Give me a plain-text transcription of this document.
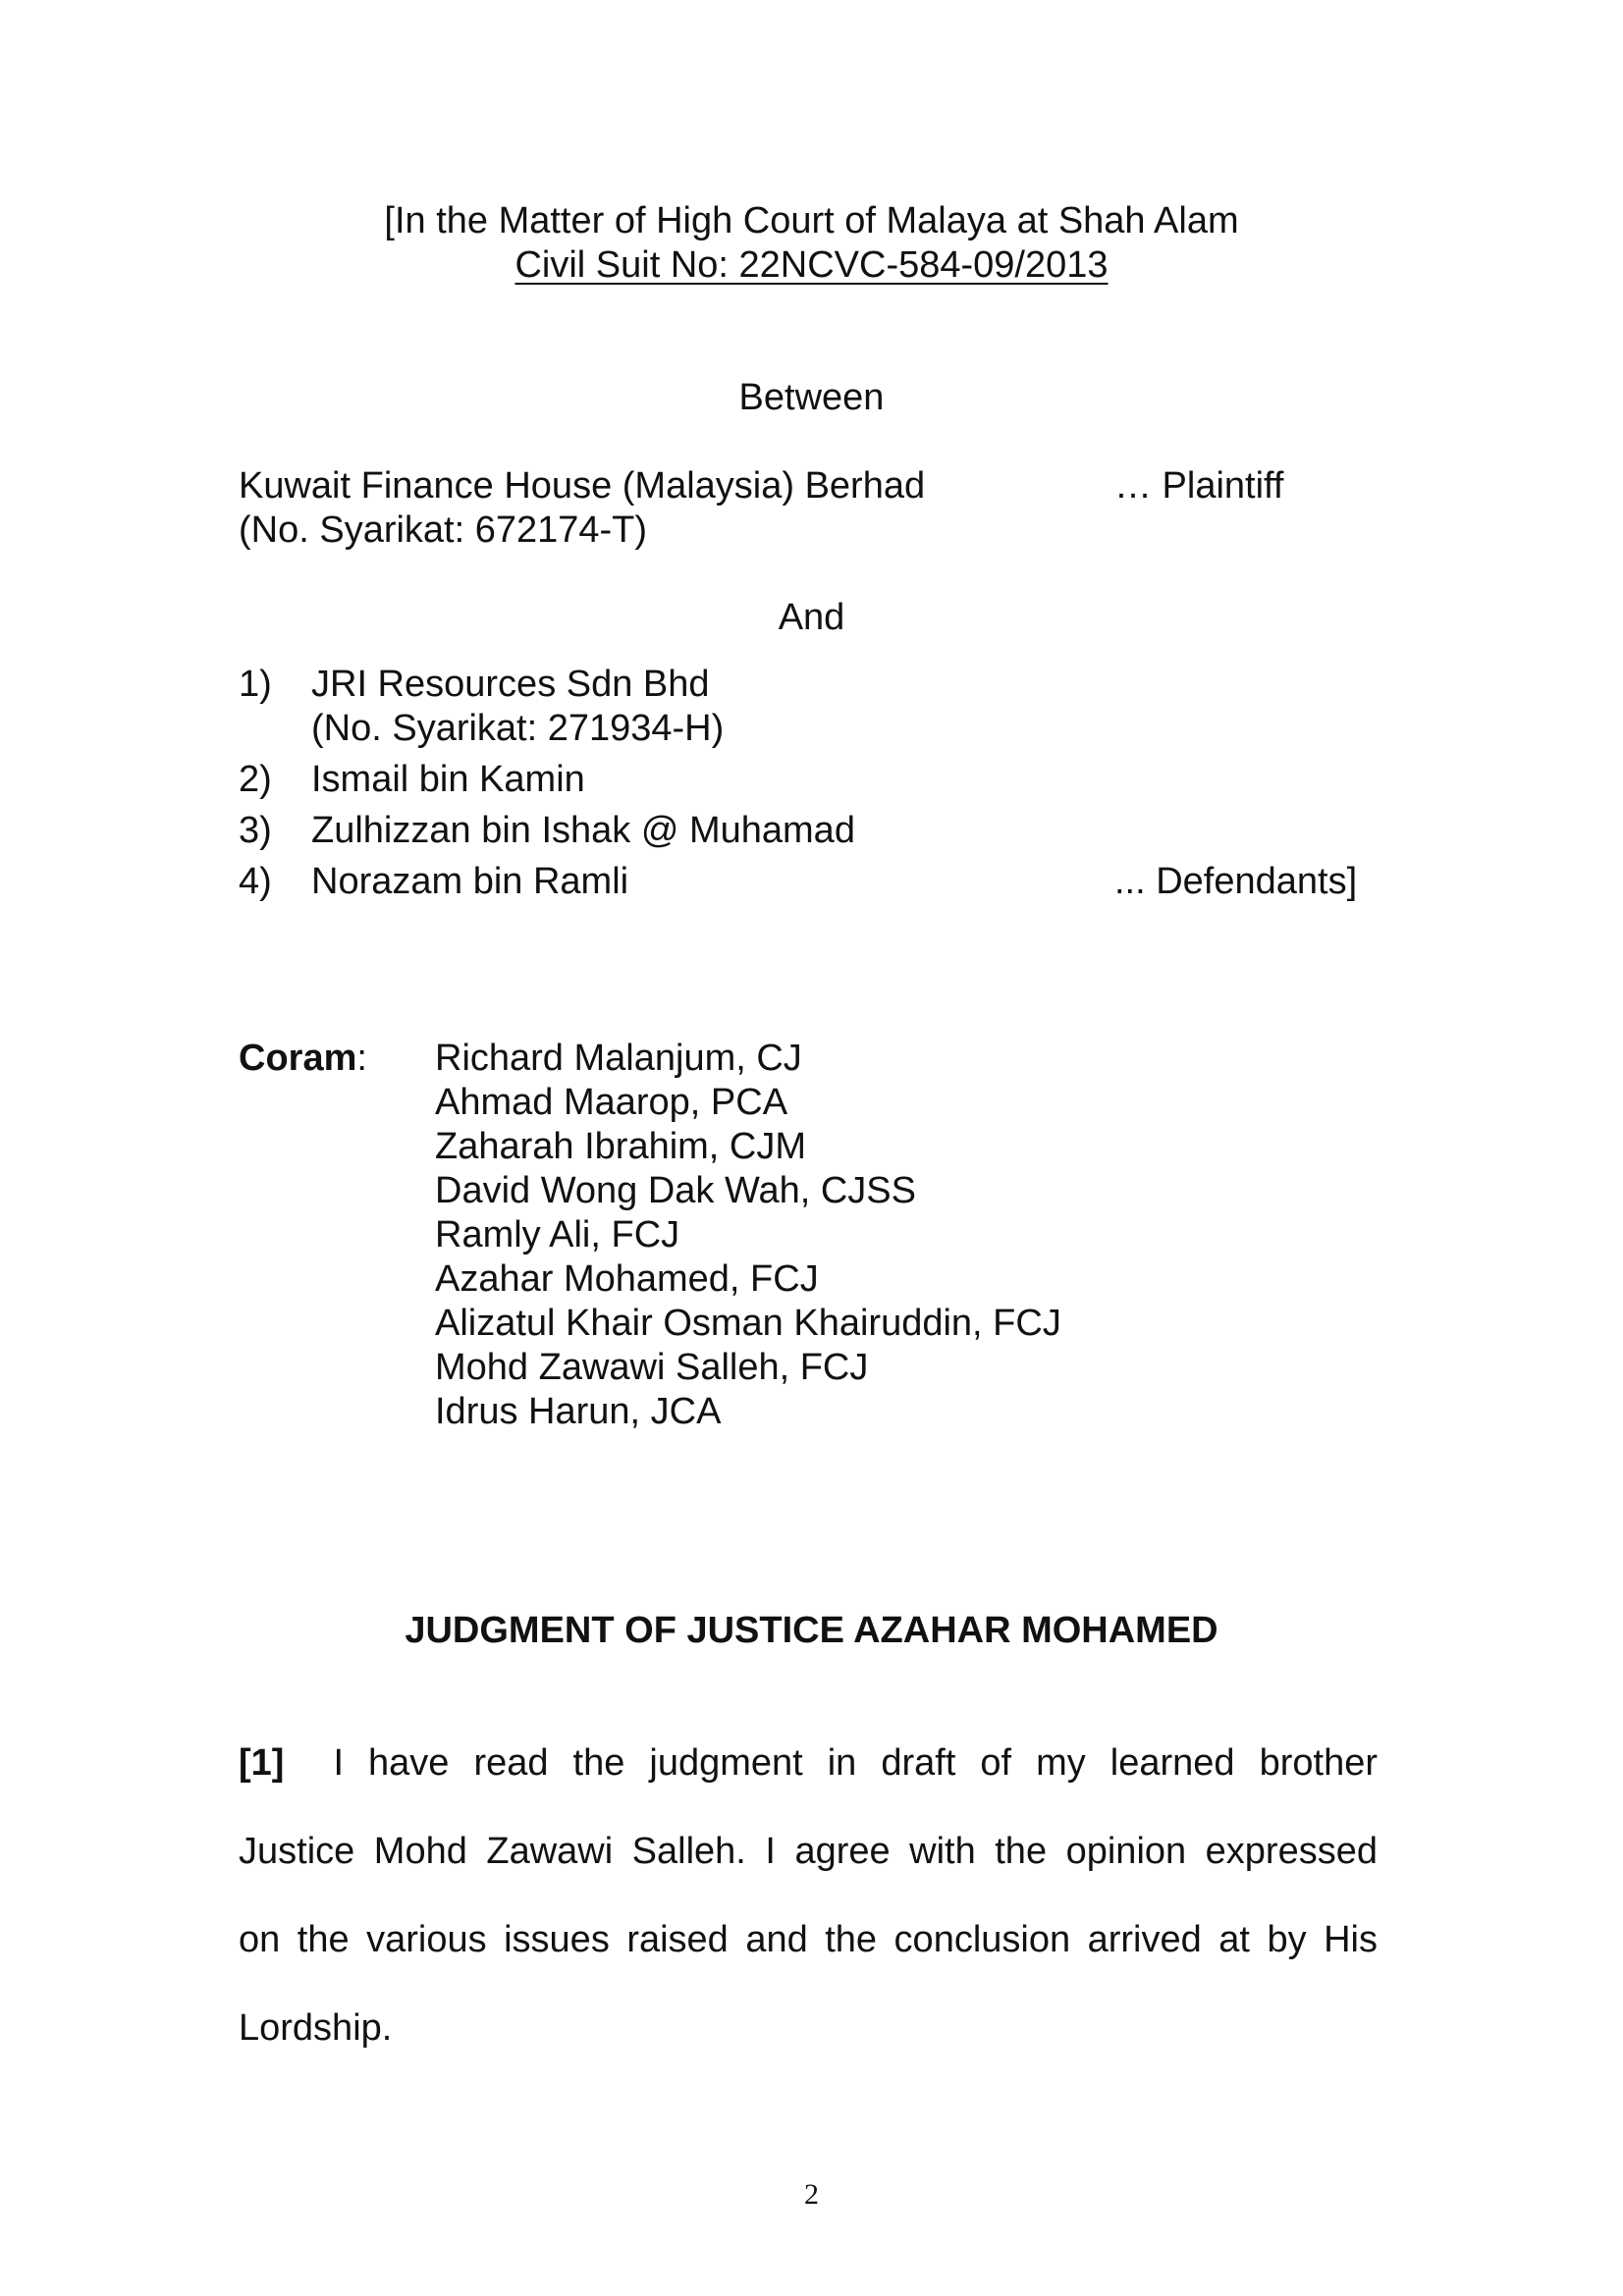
[In the Matter of High Court of Malaya at Shah Alam
Civil Suit No: 22NCVC-584-09/2013
Between
Kuwait Finance House (Malaysia) Berhad	… Plaintiff
(No. Syarikat: 672174-T)
And
1) JRI Resources Sdn Bhd
(No. Syarikat: 271934-H)
2) Ismail bin Kamin
3) Zulhizzan bin Ishak @ Muhamad
4) Norazam bin Ramli	... Defendants]
Coram: Richard Malanjum, CJ
Ahmad Maarop, PCA
Zaharah Ibrahim, CJM
David Wong Dak Wah, CJSS
Ramly Ali, FCJ
Azahar Mohamed, FCJ
Alizatul Khair Osman Khairuddin, FCJ
Mohd Zawawi Salleh, FCJ
Idrus Harun, JCA
JUDGMENT OF JUSTICE AZAHAR MOHAMED
[1] I have read the judgment in draft of my learned brother
Justice Mohd Zawawi Salleh. I agree with the opinion expressed
on the various issues raised and the conclusion arrived at by His
Lordship.
2
